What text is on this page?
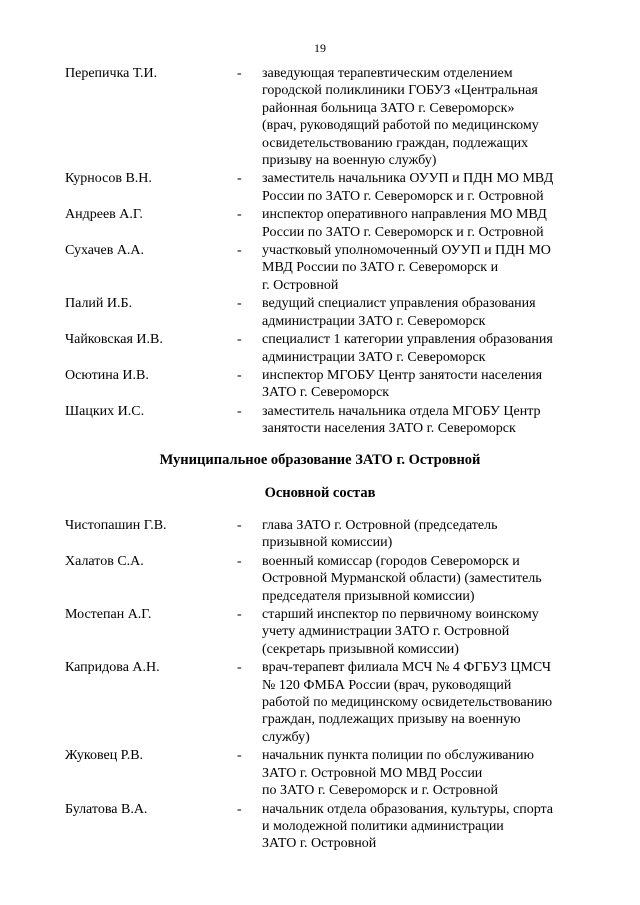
19
Перепичка Т.И.	- заведующая терапевтическим отделением
городской поликлиники ГОБУЗ «Центральная
районная больница ЗАТО г. Североморск»
(врач, руководящий работой по медицинскому
освидетельствованию граждан, подлежащих
призыву на военную службу)
Курносов В.Н.	- заместитель начальника ОУУП и ПДН МО МВД
России по ЗАТО г. Североморск и г. Островной
Андреев А.Г.	- инспектор оперативного направления МО МВД
России по ЗАТО г. Североморск и г. Островной
Сухачев А.А.	- участковый уполномоченный ОУУП и ПДН МО
МВД России по ЗАТО г. Североморск и
г. Островной
Палий И.Б.	- ведущий специалист управления образования
администрации ЗАТО г. Североморск
Чайковская И.В.	- специалист 1 категории управления образования
администрации ЗАТО г. Североморск
Осютина И.В.	- инспектор МГОБУ Центр занятости населения
ЗАТО г. Североморск
Шацких И.С.	- заместитель начальника отдела МГОБУ Центр
занятости населения ЗАТО г. Североморск
Муниципальное образование ЗАТО г. Островной
Основной состав
Чистопашин Г.В.	- глава ЗАТО г. Островной (председатель
призывной комиссии)
Халатов С.А.	- военный комиссар (городов Североморск и
Островной Мурманской области) (заместитель
председателя призывной комиссии)
Мостепан А.Г.	- старший инспектор по первичному воинскому
учету администрации ЗАТО г. Островной
(секретарь призывной комиссии)
Капридова А.Н.	- врач-терапевт филиала МСЧ № 4 ФГБУЗ ЦМСЧ
№ 120 ФМБА России (врач, руководящий
работой по медицинскому освидетельствованию
граждан, подлежащих призыву на военную
службу)
Жуковец Р.В.	- начальник пункта полиции по обслуживанию
ЗАТО г. Островной МО МВД России
по ЗАТО г. Североморск и г. Островной
Булатова В.А.	- начальник отдела образования, культуры, спорта
и молодежной политики администрации
ЗАТО г. Островной
